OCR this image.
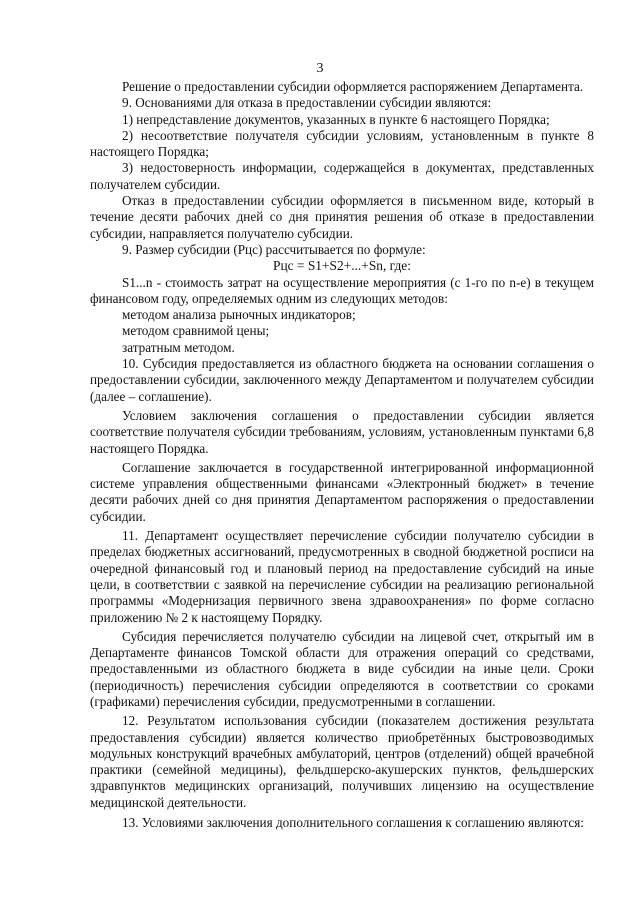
3

Решение о предоставлении субсидии оформляется распоряжением Департамента.

9. Основаниями для отказа в предоставлении субсидии являются:

1) непредставление документов, указанных в пункте 6 настоящего Порядка;

2) несоответствие получателя субсидии условиям, установленным в пункте 8 настоящего Порядка;

3) недостоверность информации, содержащейся в документах, представленных получателем субсидии.

Отказ в предоставлении субсидии оформляется в письменном виде, который в течение десяти рабочих дней со дня принятия решения об отказе в предоставлении субсидии, направляется получателю субсидии.

9. Размер субсидии (Рцс) рассчитывается по формуле:

Рцс = S1+S2+...+Sn, где:

S1...n - стоимость затрат на осуществление мероприятия (с 1-го по n-е) в текущем финансовом году, определяемых одним из следующих методов:

методом анализа рыночных индикаторов;

методом сравнимой цены;

затратным методом.

10. Субсидия предоставляется из областного бюджета на основании соглашения о предоставлении субсидии, заключенного между Департаментом и получателем субсидии (далее – соглашение).

Условием заключения соглашения о предоставлении субсидии является соответствие получателя субсидии требованиям, условиям, установленным пунктами 6,8 настоящего Порядка.

Соглашение заключается в государственной интегрированной информационной системе управления общественными финансами «Электронный бюджет» в течение десяти рабочих дней со дня принятия Департаментом распоряжения о предоставлении субсидии.

11. Департамент осуществляет перечисление субсидии получателю субсидии в пределах бюджетных ассигнований, предусмотренных в сводной бюджетной росписи на очередной финансовый год и плановый период на предоставление субсидий на иные цели, в соответствии с заявкой на перечисление субсидии на реализацию региональной программы «Модернизация первичного звена здравоохранения» по форме согласно приложению № 2 к настоящему Порядку.

Субсидия перечисляется получателю субсидии на лицевой счет, открытый им в Департаменте финансов Томской области для отражения операций со средствами, предоставленными из областного бюджета в виде субсидии на иные цели. Сроки (периодичность) перечисления субсидии определяются в соответствии со сроками (графиками) перечисления субсидии, предусмотренными в соглашении.

12. Результатом использования субсидии (показателем достижения результата предоставления субсидии) является количество приобретённых быстровозводимых модульных конструкций врачебных амбулаторий, центров (отделений) общей врачебной практики (семейной медицины), фельдшерско-акушерских пунктов, фельдшерских здравпунктов медицинских организаций, получивших лицензию на осуществление медицинской деятельности.

13. Условиями заключения дополнительного соглашения к соглашению являются:
